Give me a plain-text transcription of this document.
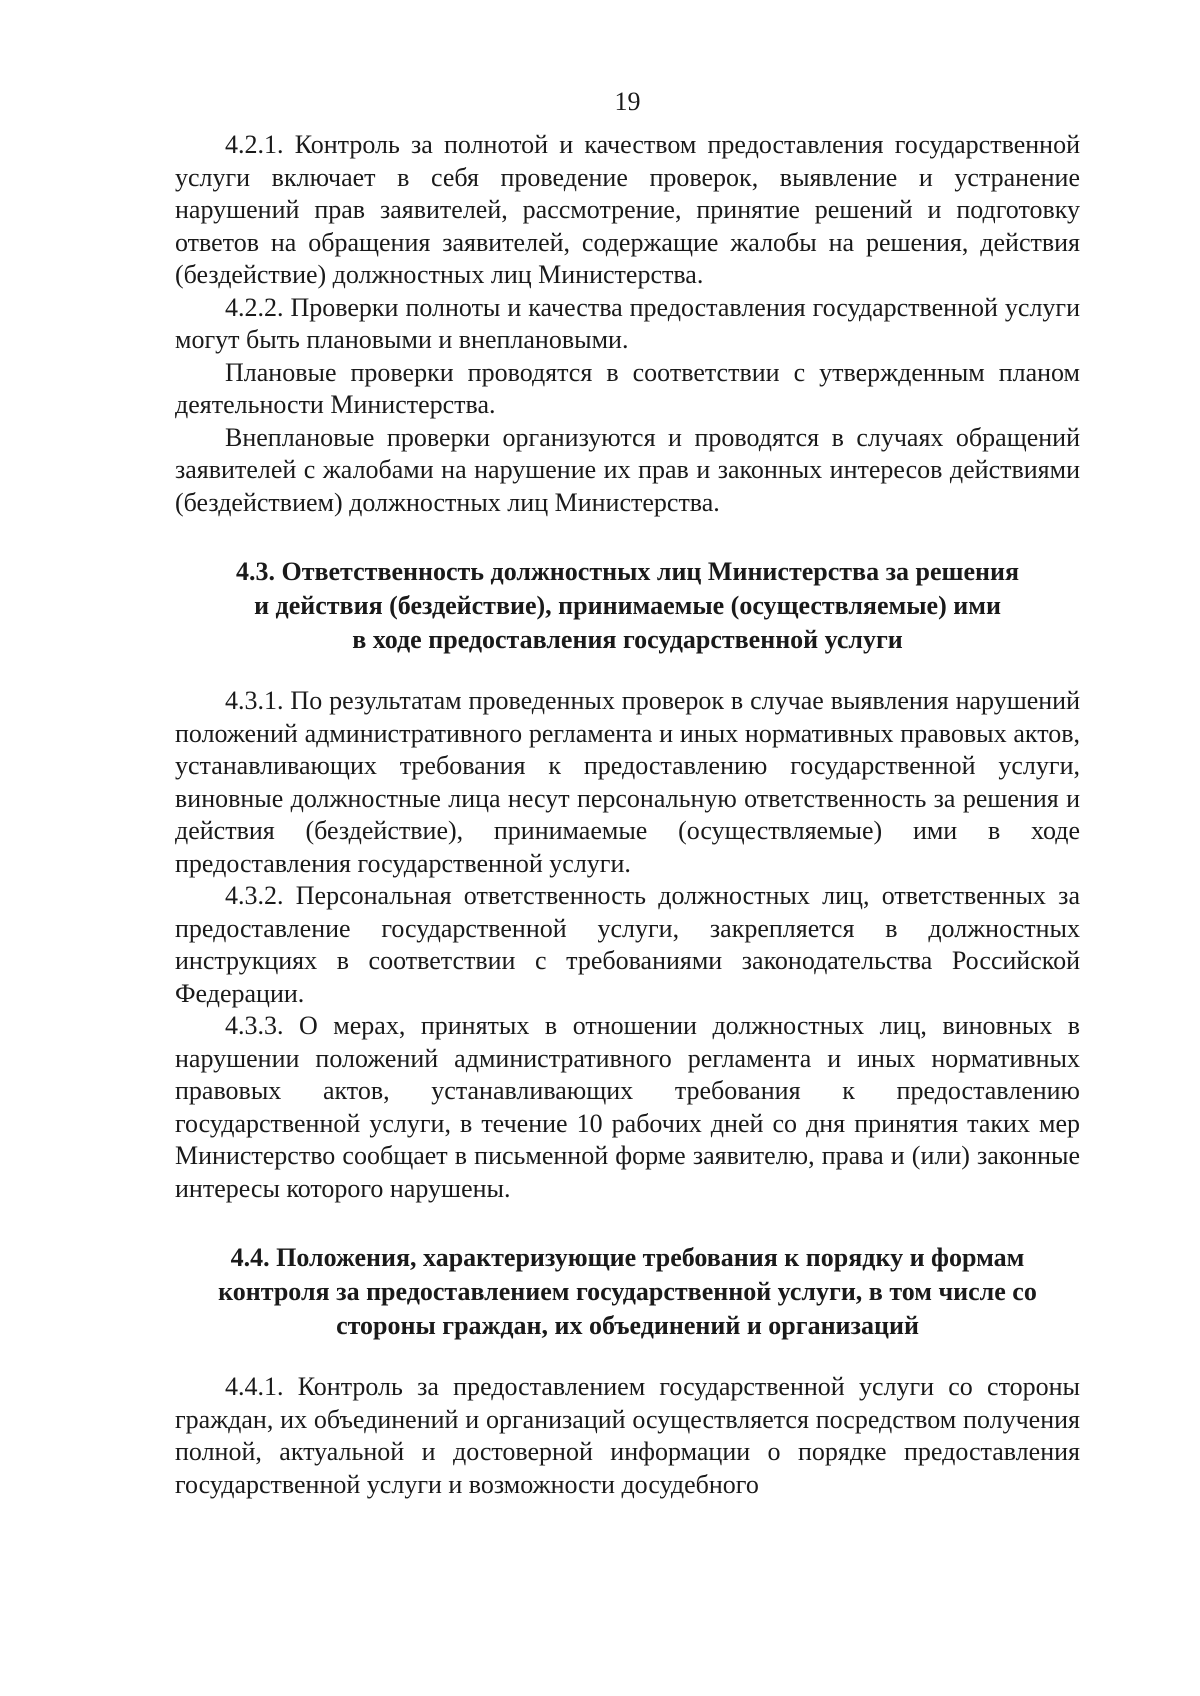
19

4.2.1. Контроль за полнотой и качеством предоставления государственной услуги включает в себя проведение проверок, выявление и устранение нарушений прав заявителей, рассмотрение, принятие решений и подготовку ответов на обращения заявителей, содержащие жалобы на решения, действия (бездействие) должностных лиц Министерства.

4.2.2. Проверки полноты и качества предоставления государственной услуги могут быть плановыми и внеплановыми.

Плановые проверки проводятся в соответствии с утвержденным планом деятельности Министерства.

Внеплановые проверки организуются и проводятся в случаях обращений заявителей с жалобами на нарушение их прав и законных интересов действиями (бездействием) должностных лиц Министерства.

4.3. Ответственность должностных лиц Министерства за решения

и действия (бездействие), принимаемые (осуществляемые) ими

в ходе предоставления государственной услуги

4.3.1. По результатам проведенных проверок в случае выявления нарушений положений административного регламента и иных нормативных правовых актов, устанавливающих требования к предоставлению государственной услуги, виновные должностные лица несут персональную ответственность за решения и действия (бездействие), принимаемые (осуществляемые) ими в ходе предоставления государственной услуги.

4.3.2. Персональная ответственность должностных лиц, ответственных за предоставление государственной услуги, закрепляется в должностных инструкциях в соответствии с требованиями законодательства Российской Федерации.

4.3.3. О мерах, принятых в отношении должностных лиц, виновных в нарушении положений административного регламента и иных нормативных правовых актов, устанавливающих требования к предоставлению государственной услуги, в течение 10 рабочих дней со дня принятия таких мер Министерство сообщает в письменной форме заявителю, права и (или) законные интересы которого нарушены.

4.4. Положения, характеризующие требования к порядку и формам

контроля за предоставлением государственной услуги, в том числе со

стороны граждан, их объединений и организаций

4.4.1. Контроль за предоставлением государственной услуги со стороны граждан, их объединений и организаций осуществляется посредством получения полной, актуальной и достоверной информации о порядке предоставления государственной услуги и возможности досудебного
